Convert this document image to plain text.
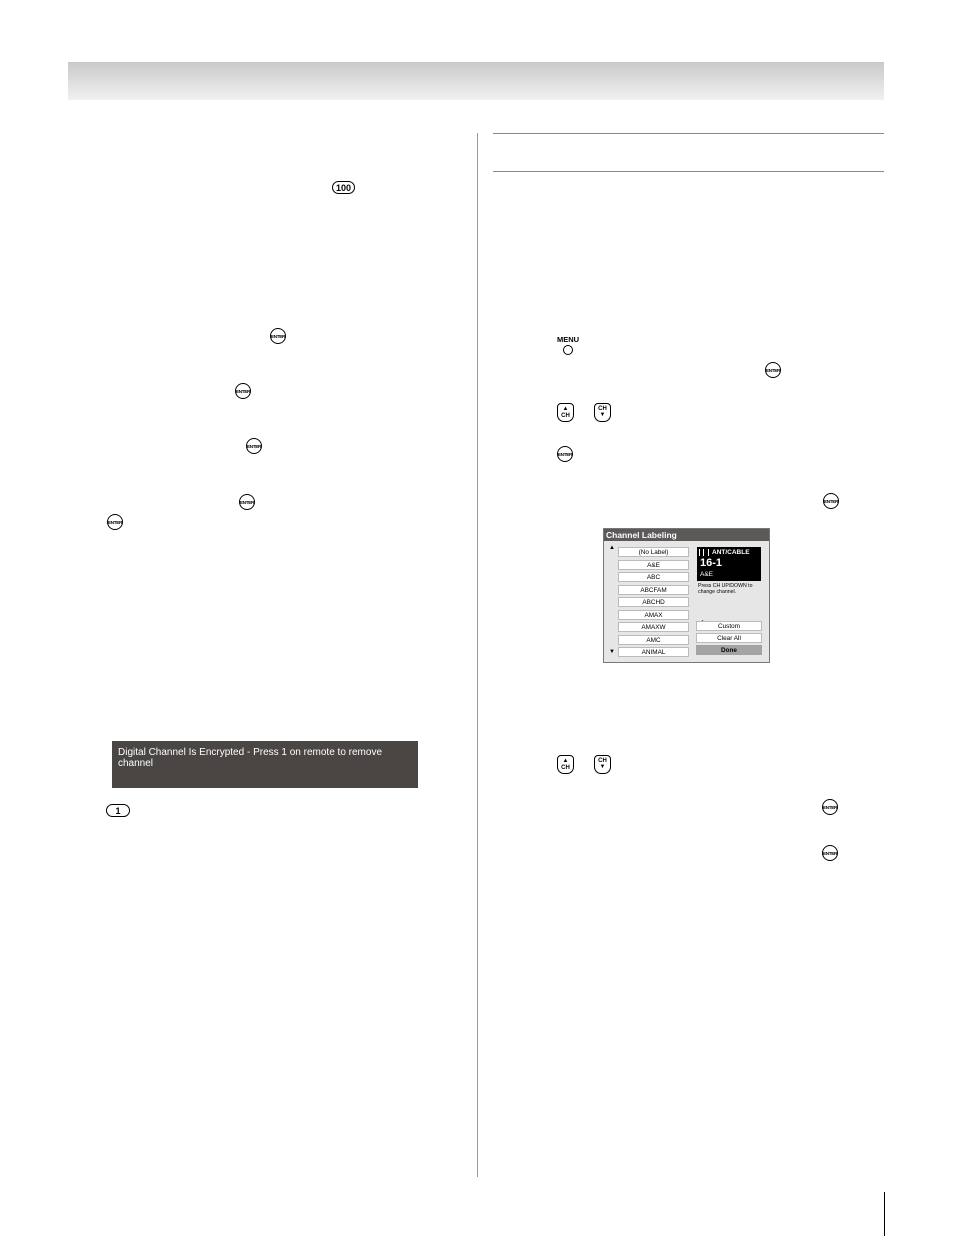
100
ENTER
ENTER
ENTER
ENTER
ENTER
Digital Channel Is Encrypted - Press 1 on remote to remove channel
1
MENU
ENTER
▲
CH
CH
▼
ENTER
ENTER
Channel Labeling
▲
▼
(No Label)
A&E
ABC
ABCFAM
ABCHD
AMAX
AMAXW
AMC
ANIMAL
ANT/CABLE
16-1
A&E
Press CH UP/DOWN to change channel.
Custom
Clear All
Done
▲
CH
CH
▼
ENTER
ENTER
